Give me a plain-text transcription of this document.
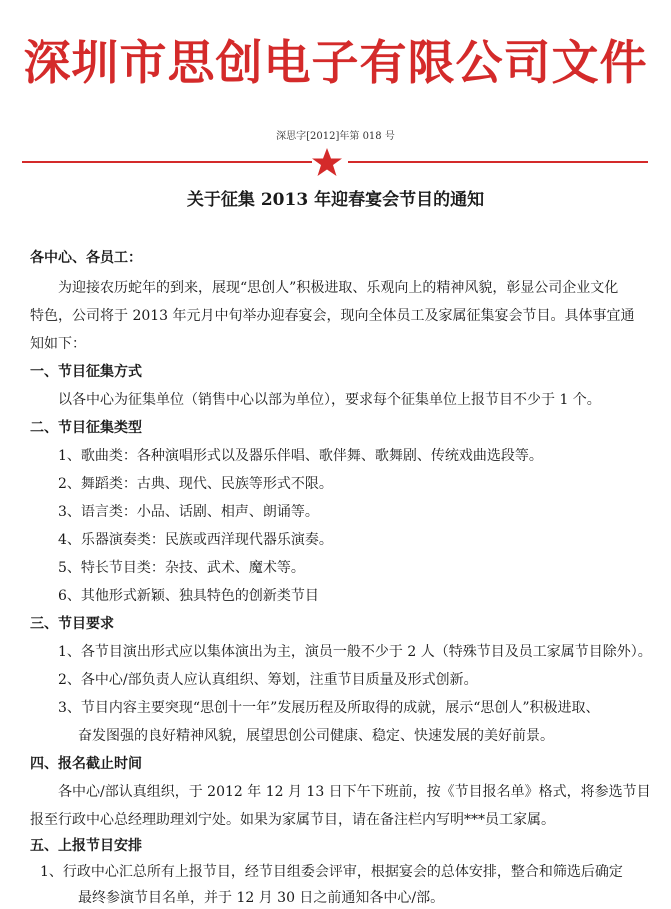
深圳市思创电子有限公司文件
深思字[2012]年第 018 号
关于征集 2013 年迎春宴会节目的通知
各中心、各员工：
为迎接农历蛇年的到来，展现“思创人”积极进取、乐观向上的精神风貌，彰显公司企业文化
特色，公司将于 2013 年元月中旬举办迎春宴会，现向全体员工及家属征集宴会节目。具体事宜通
知如下：
一、节目征集方式
以各中心为征集单位（销售中心以部为单位），要求每个征集单位上报节目不少于 1 个。
二、节目征集类型
1、歌曲类：各种演唱形式以及器乐伴唱、歌伴舞、歌舞剧、传统戏曲选段等。
2、舞蹈类：古典、现代、民族等形式不限。
3、语言类：小品、话剧、相声、朗诵等。
4、乐器演奏类：民族或西洋现代器乐演奏。
5、特长节目类：杂技、武术、魔术等。
6、其他形式新颖、独具特色的创新类节目
三、节目要求
1、各节目演出形式应以集体演出为主，演员一般不少于 2 人（特殊节目及员工家属节目除外）。
2、各中心/部负责人应认真组织、筹划，注重节目质量及形式创新。
3、节目内容主要突现“思创十一年”发展历程及所取得的成就，展示“思创人”积极进取、
奋发图强的良好精神风貌，展望思创公司健康、稳定、快速发展的美好前景。
四、报名截止时间
各中心/部认真组织，于 2012 年 12 月 13 日下午下班前，按《节目报名单》格式，将参选节目
报至行政中心总经理助理刘宁处。如果为家属节目，请在备注栏内写明***员工家属。
五、上报节目安排
1、行政中心汇总所有上报节目，经节目组委会评审，根据宴会的总体安排，整合和筛选后确定
最终参演节目名单，并于 12 月 30 日之前通知各中心/部。
